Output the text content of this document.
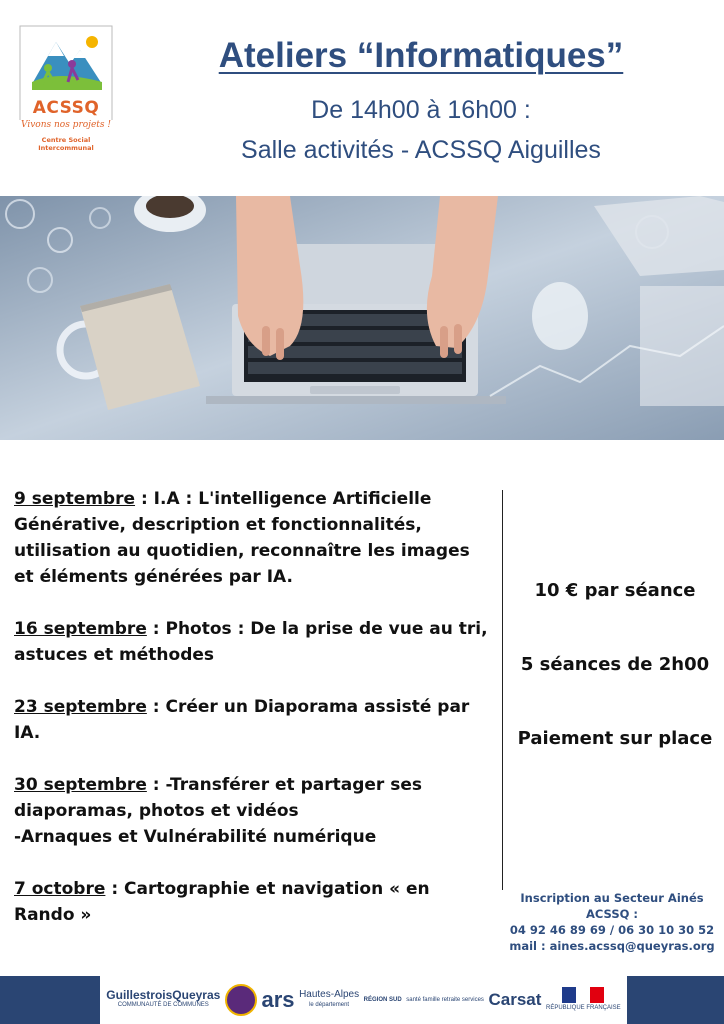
ACSSQ
Vivons nos projets !
Centre Social Intercommunal
Ateliers “Informatiques”
De 14h00 à 16h00 :
Salle activités - ACSSQ Aiguilles
9 septembre : I.A : L'intelligence Artificielle Générative, description et fonctionnalités, utilisation au quotidien, reconnaître les images et éléments générées par IA.
16 septembre : Photos : De la prise de vue au tri, astuces et méthodes
23 septembre : Créer un Diaporama assisté par IA.
30 septembre : -Transférer et partager ses diaporamas, photos et vidéos
-Arnaques et Vulnérabilité numérique
7 octobre : Cartographie et navigation « en Rando »
10 € par séance
5 séances de 2h00
Paiement sur place
Inscription au Secteur Ainés
ACSSQ :
04 92 46 89 69 / 06 30 10 30 52
mail : aines.acssq@queyras.org
GuillestroisQueyras
COMMUNAUTÉ DE COMMUNES ars Hautes-Alpes
le département
RÉGION SUD santé famille retraite services Carsat RÉPUBLIQUE FRANÇAISE
